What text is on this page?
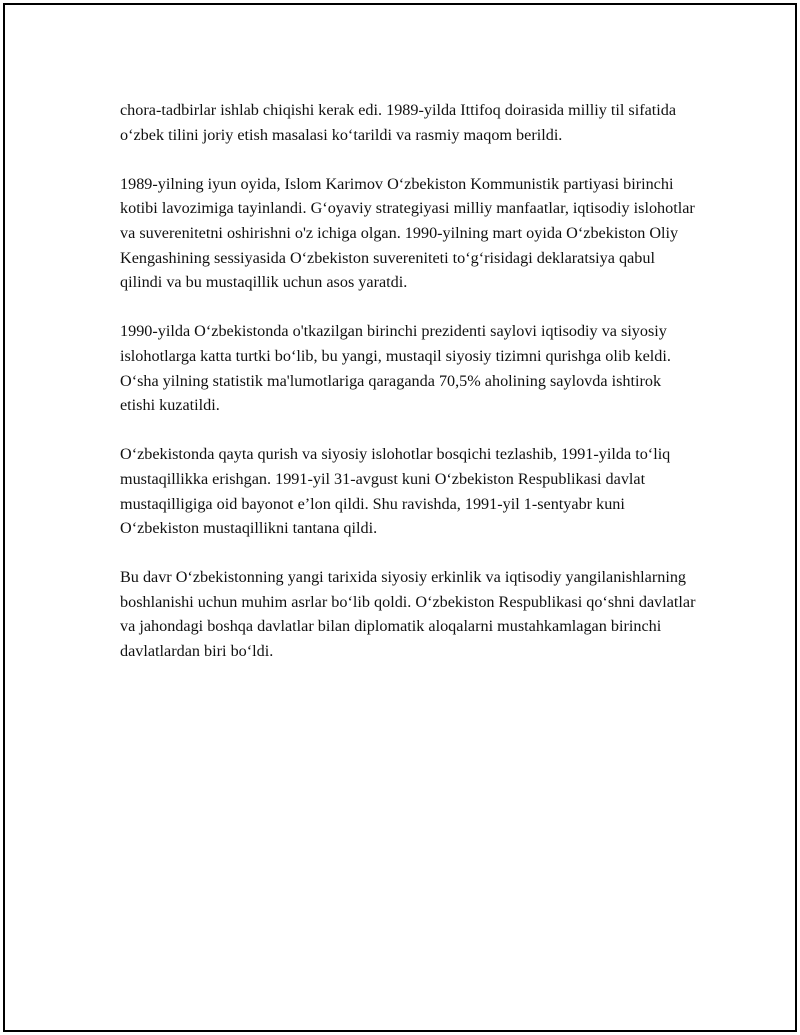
chora-tadbirlar ishlab chiqishi kerak edi. 1989-yilda Ittifoq doirasida milliy til sifatida o‘zbek tilini joriy etish masalasi ko‘tarildi va rasmiy maqom berildi.

1989-yilning iyun oyida, Islom Karimov O‘zbekiston Kommunistik partiyasi birinchi kotibi lavozimiga tayinlandi. G‘oyaviy strategiyasi milliy manfaatlar, iqtisodiy islohotlar va suverenitetni oshirishni o'z ichiga olgan. 1990-yilning mart oyida O‘zbekiston Oliy Kengashining sessiyasida O‘zbekiston suvereniteti to‘g‘risidagi deklaratsiya qabul qilindi va bu mustaqillik uchun asos yaratdi.

1990-yilda O‘zbekistonda o'tkazilgan birinchi prezidenti saylovi iqtisodiy va siyosiy islohotlarga katta turtki bo‘lib, bu yangi, mustaqil siyosiy tizimni qurishga olib keldi. O‘sha yilning statistik ma'lumotlariga qaraganda 70,5% aholining saylovda ishtirok etishi kuzatildi.

O‘zbekistonda qayta qurish va siyosiy islohotlar bosqichi tezlashib, 1991-yilda to‘liq mustaqillikka erishgan. 1991-yil 31-avgust kuni O‘zbekiston Respublikasi davlat mustaqilligiga oid bayonot e’lon qildi. Shu ravishda, 1991-yil 1-sentyabr kuni O‘zbekiston mustaqillikni tantana qildi.

Bu davr O‘zbekistonning yangi tarixida siyosiy erkinlik va iqtisodiy yangilanishlarning boshlanishi uchun muhim asrlar bo‘lib qoldi. O‘zbekiston Respublikasi qo‘shni davlatlar va jahondagi boshqa davlatlar bilan diplomatik aloqalarni mustahkamlagan birinchi davlatlardan biri bo‘ldi.
